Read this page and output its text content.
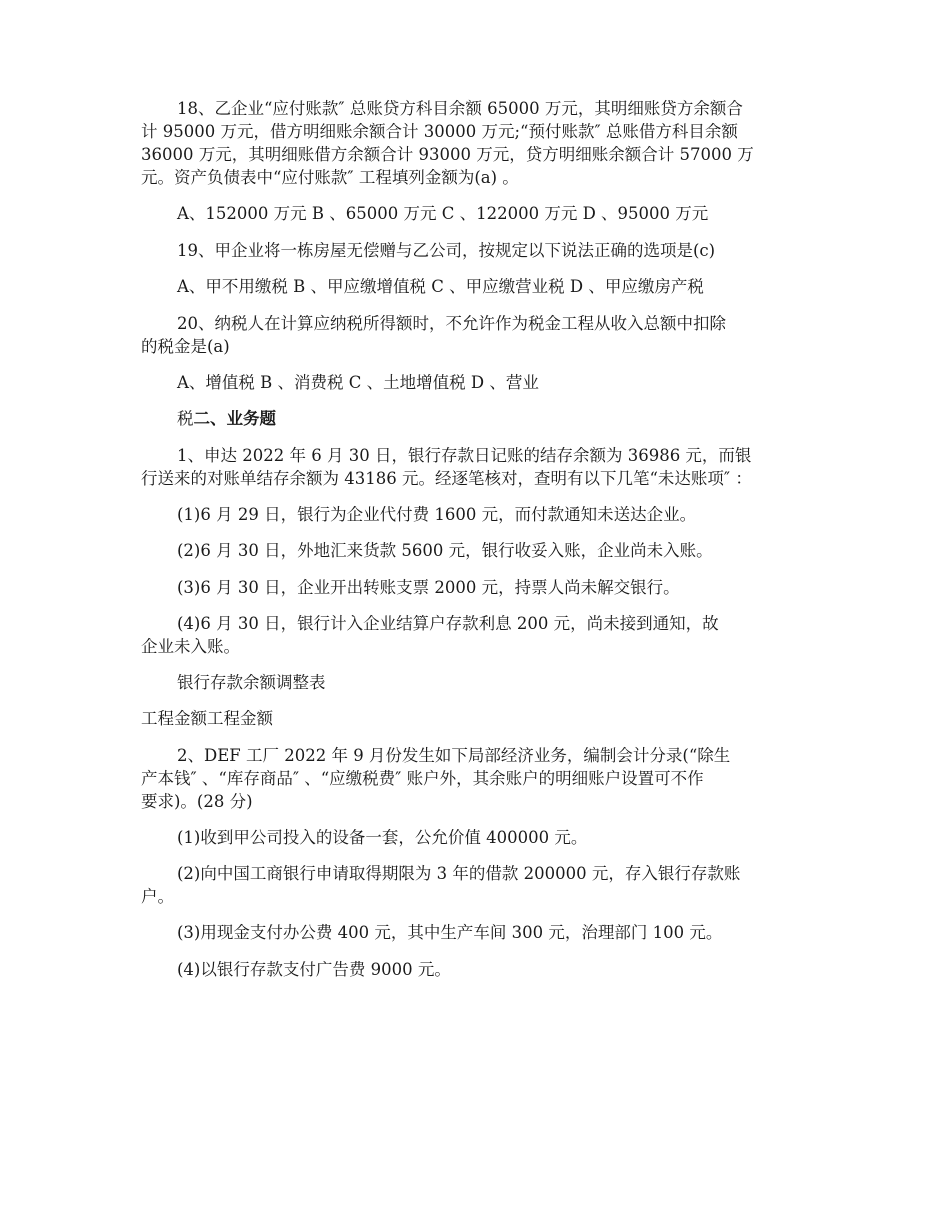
18、乙企业“应付账款″ 总账贷方科目余额 65000 万元，其明细账贷方余额合

计 95000 万元，借方明细账余额合计 30000 万元;“预付账款″ 总账借方科目余额

36000 万元，其明细账借方余额合计 93000 万元，贷方明细账余额合计 57000 万

元。资产负债表中“应付账款″ 工程填列金额为(a) 。

A、152000 万元 B 、65000 万元 C 、122000 万元 D 、95000 万元

19、甲企业将一栋房屋无偿赠与乙公司，按规定以下说法正确的选项是(c)

A、甲不用缴税 B 、甲应缴增值税 C 、甲应缴营业税 D 、甲应缴房产税

20、纳税人在计算应纳税所得额时，不允许作为税金工程从收入总额中扣除

的税金是(a)

A、增值税 B 、消费税 C 、土地增值税 D 、营业

税二、业务题

1、申达 2022 年 6 月 30 日，银行存款日记账的结存余额为 36986 元，而银

行送来的对账单结存余额为 43186 元。经逐笔核对，查明有以下几笔“未达账项″ ：

(1)6 月 29 日，银行为企业代付费 1600 元，而付款通知未送达企业。

(2)6 月 30 日，外地汇来货款 5600 元，银行收妥入账，企业尚未入账。

(3)6 月 30 日，企业开出转账支票 2000 元，持票人尚未解交银行。

(4)6 月 30 日，银行计入企业结算户存款利息 200 元，尚未接到通知，故

企业未入账。

银行存款余额调整表

工程金额工程金额

2、DEF 工厂 2022 年 9 月份发生如下局部经济业务，编制会计分录(“除生

产本钱″ 、“库存商品″ 、“应缴税费″ 账户外，其余账户的明细账户设置可不作

要求)。(28 分)

(1)收到甲公司投入的设备一套，公允价值 400000 元。

(2)向中国工商银行申请取得期限为 3 年的借款 200000 元，存入银行存款账

户。

(3)用现金支付办公费 400 元，其中生产车间 300 元，治理部门 100 元。

(4)以银行存款支付广告费 9000 元。
